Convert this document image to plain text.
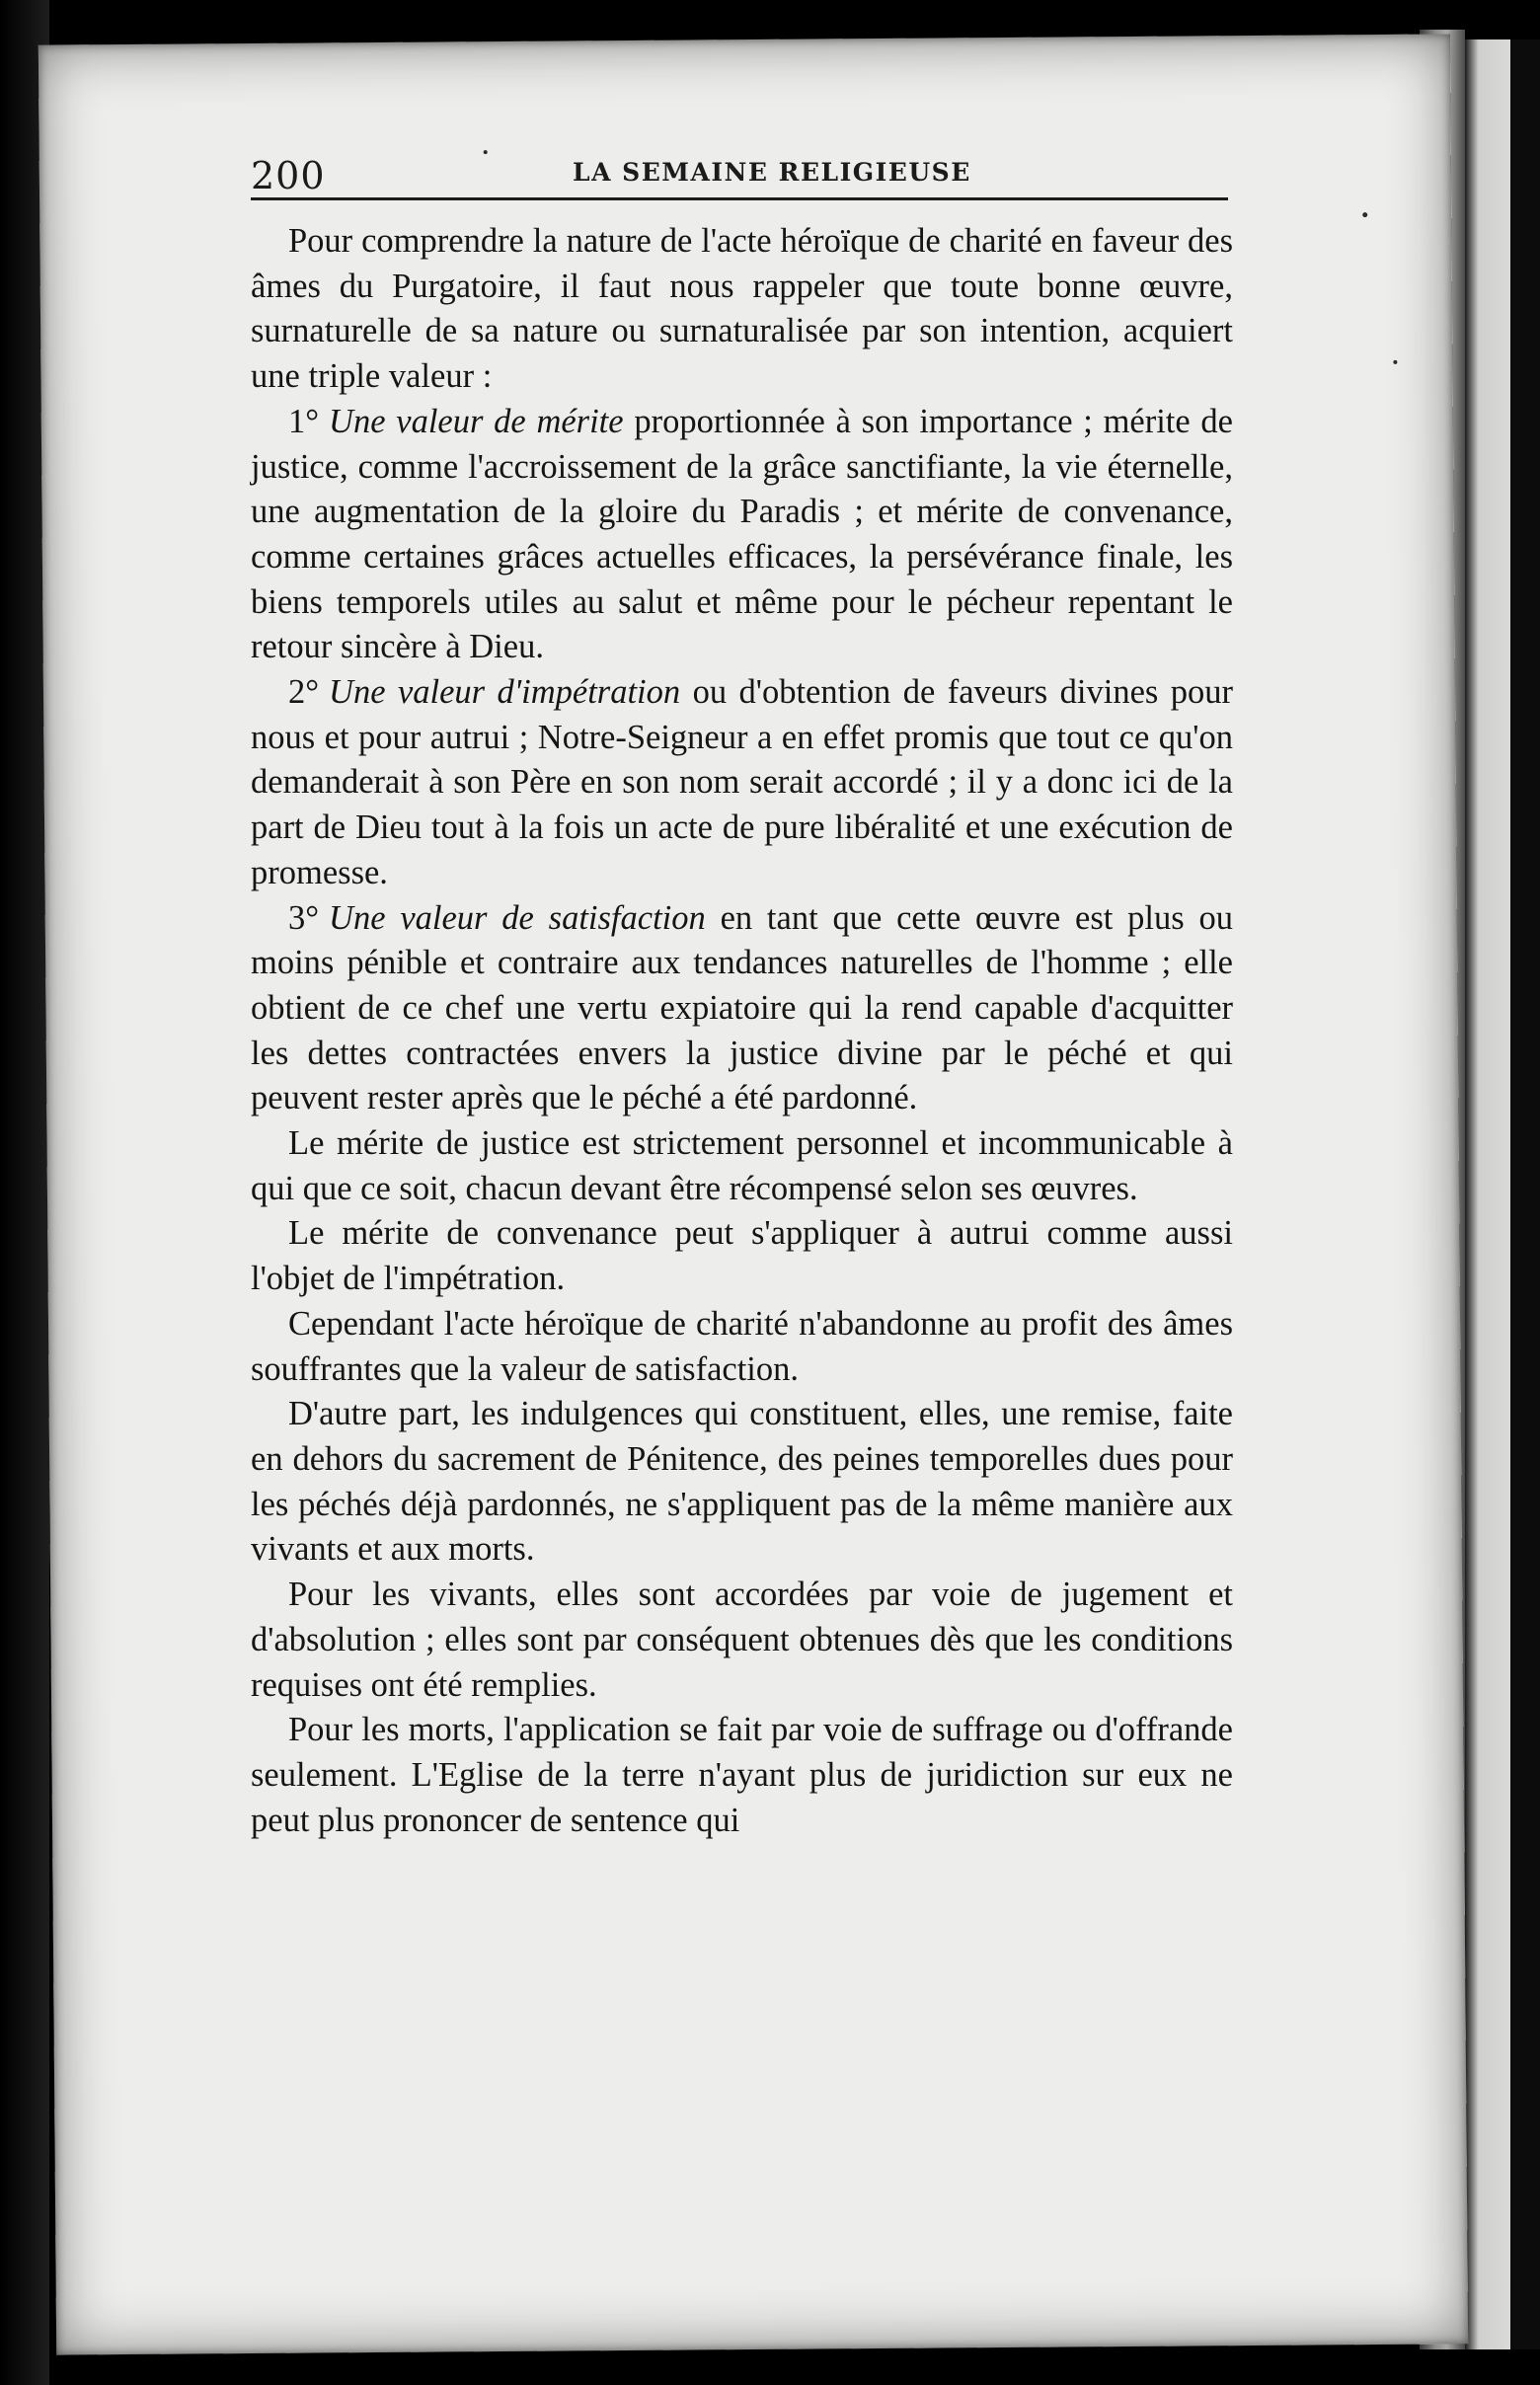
200	LA SEMAINE RELIGIEUSE

Pour comprendre la nature de l'acte héroïque de charité en faveur des âmes du Purgatoire, il faut nous rappeler que toute bonne œuvre, surnaturelle de sa nature ou surnaturalisée par son intention, acquiert une triple valeur :

1° Une valeur de mérite proportionnée à son importance ; mérite de justice, comme l'accroissement de la grâce sanctifiante, la vie éternelle, une augmentation de la gloire du Paradis ; et mérite de convenance, comme certaines grâces actuelles efficaces, la persévérance finale, les biens temporels utiles au salut et même pour le pécheur repentant le retour sincère à Dieu.

2° Une valeur d'impétration ou d'obtention de faveurs divines pour nous et pour autrui ; Notre-Seigneur a en effet promis que tout ce qu'on demanderait à son Père en son nom serait accordé ; il y a donc ici de la part de Dieu tout à la fois un acte de pure libéralité et une exécution de promesse.

3° Une valeur de satisfaction en tant que cette œuvre est plus ou moins pénible et contraire aux tendances naturelles de l'homme ; elle obtient de ce chef une vertu expiatoire qui la rend capable d'acquitter les dettes contractées envers la justice divine par le péché et qui peuvent rester après que le péché a été pardonné.

Le mérite de justice est strictement personnel et incommunicable à qui que ce soit, chacun devant être récompensé selon ses œuvres.

Le mérite de convenance peut s'appliquer à autrui comme aussi l'objet de l'impétration.

Cependant l'acte héroïque de charité n'abandonne au profit des âmes souffrantes que la valeur de satisfaction.

D'autre part, les indulgences qui constituent, elles, une remise, faite en dehors du sacrement de Pénitence, des peines temporelles dues pour les péchés déjà pardonnés, ne s'appliquent pas de la même manière aux vivants et aux morts.

Pour les vivants, elles sont accordées par voie de jugement et d'absolution ; elles sont par conséquent obtenues dès que les conditions requises ont été remplies.

Pour les morts, l'application se fait par voie de suffrage ou d'offrande seulement. L'Eglise de la terre n'ayant plus de juridiction sur eux ne peut plus prononcer de sentence qui
